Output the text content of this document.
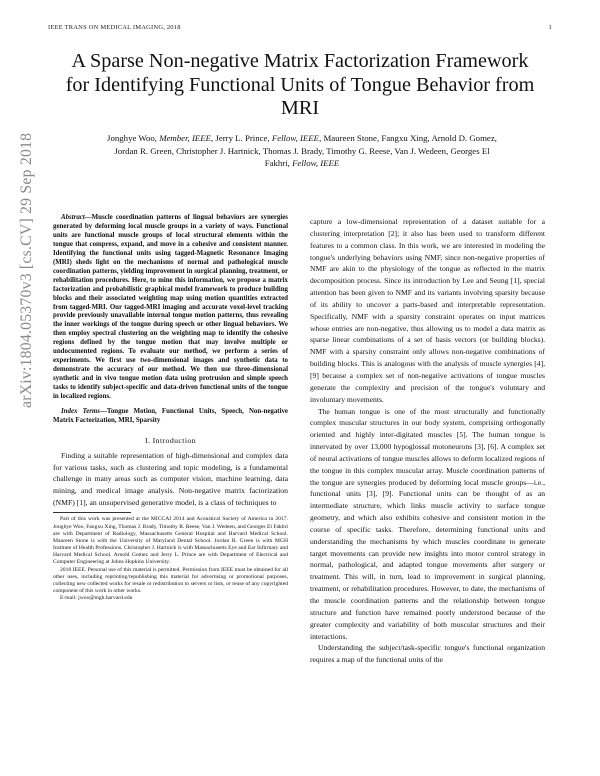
IEEE TRANS ON MEDICAL IMAGING, 2018	1
A Sparse Non-negative Matrix Factorization Framework for Identifying Functional Units of Tongue Behavior from MRI
Jonghye Woo, Member, IEEE, Jerry L. Prince, Fellow, IEEE, Maureen Stone, Fangxu Xing, Arnold D. Gomez,
Jordan R. Green, Christopher J. Hartnick, Thomas J. Brady, Timothy G. Reese, Van J. Wedeen, Georges El
Fakhri, Fellow, IEEE
arXiv:1804.05370v3 [cs.CV] 29 Sep 2018	Abstract—Muscle coordination patterns of lingual behaviors are synergies generated by deforming local muscle groups in a variety of ways. Functional units are functional muscle groups of local structural elements within the tongue that compress, expand, and move in a cohesive and consistent manner. Identifying the functional units using tagged-Magnetic Resonance Imaging (MRI) sheds light on the mechanisms of normal and pathological muscle coordination patterns, yielding improvement in surgical planning, treatment, or rehabilitation procedures. Here, to mine this information, we propose a matrix factorization and probabilistic graphical model framework to produce building blocks and their associated weighting map using motion quantities extracted from tagged-MRI. Our tagged-MRI imaging and accurate voxel-level tracking provide previously unavailable internal tongue motion patterns, thus revealing the inner workings of the tongue during speech or other lingual behaviors. We then employ spectral clustering on the weighting map to identify the cohesive regions defined by the tongue motion that may involve multiple or undocumented regions. To evaluate our method, we perform a series of experiments. We first use two-dimensional images and synthetic data to demonstrate the accuracy of our method. We then use three-dimensional synthetic and in vivo tongue motion data using protrusion and simple speech tasks to identify subject-specific and data-driven functional units of the tongue in localized regions.

Index Terms—Tongue Motion, Functional Units, Speech, Non-negative Matrix Factorization, MRI, Sparsity

I. Introduction

Finding a suitable representation of high-dimensional and complex data for various tasks, such as clustering and topic modeling, is a fundamental challenge in many areas such as computer vision, machine learning, data mining, and medical image analysis. Non-negative matrix factorization (NMF) [1], an unsupervised generative model, is a class of techniques to

Part of this work was presented at the MICCAI 2014 and Acoustical Society of America in 2017. Jonghye Woo, Fangxu Xing, Thomas J. Brady, Timothy R. Reese, Van J. Wedeen, and Georges El Fakhri are with Department of Radiology, Massachusetts General Hospital and Harvard Medical School. Maureen Stone is with the University of Maryland Dental School. Jordan R. Green is with MGH Institute of Health Professions. Christopher J. Hartnick is with Massachusetts Eye and Ear Infirmary and Harvard Medical School. Arnold Gomez and Jerry L. Prince are with Department of Electrical and Computer Engineering at Johns Hopkins University.

2018 IEEE. Personal use of this material is permitted. Permission from IEEE must be obtained for all other uses, including reprinting/republishing this material for advertising or promotional purposes, collecting new collected works for resale or redistribution to servers or lists, or reuse of any copyrighted component of this work in other works.

E-mail: jwoo@mgh.harvard.edu

capture a low-dimensional representation of a dataset suitable for a clustering interpretation [2]; it also has been used to transform different features to a common class. In this work, we are interested in modeling the tongue's underlying behaviors using NMF, since non-negative properties of NMF are akin to the physiology of the tongue as reflected in the matrix decomposition process. Since its introduction by Lee and Seung [1], special attention has been given to NMF and its variants involving sparsity because of its ability to uncover a parts-based and interpretable representation. Specifically, NMF with a sparsity constraint operates on input matrices whose entries are non-negative, thus allowing us to model a data matrix as sparse linear combinations of a set of basis vectors (or building blocks). NMF with a sparsity constraint only allows non-negative combinations of building blocks. This is analogous with the analysis of muscle synergies [4], [9] because a complex set of non-negative activations of tongue muscles generate the complexity and precision of the tongue's voluntary and involuntary movements.

The human tongue is one of the most structurally and functionally complex muscular structures in our body system, comprising orthogonally oriented and highly inter-digitated muscles [5]. The human tongue is innervated by over 13,000 hypoglossal motoneurons [3], [6]. A complex set of neural activations of tongue muscles allows to deform localized regions of the tongue in this complex muscular array. Muscle coordination patterns of the tongue are synergies produced by deforming local muscle groups—i.e., functional units [3], [9]. Functional units can be thought of as an intermediate structure, which links muscle activity to surface tongue geometry, and which also exhibits cohesive and consistent motion in the course of specific tasks. Therefore, determining functional units and understanding the mechanisms by which muscles coordinate to generate target movements can provide new insights into motor control strategy in normal, pathological, and adapted tongue movements after surgery or treatment. This will, in turn, lead to improvement in surgical planning, treatment, or rehabilitation procedures. However, to date, the mechanisms of the muscle coordination patterns and the relationship between tongue structure and function have remained poorly understood because of the greater complexity and variability of both muscular structures and their interactions.

Understanding the subject/task-specific tongue's functional organization requires a map of the functional units of the
